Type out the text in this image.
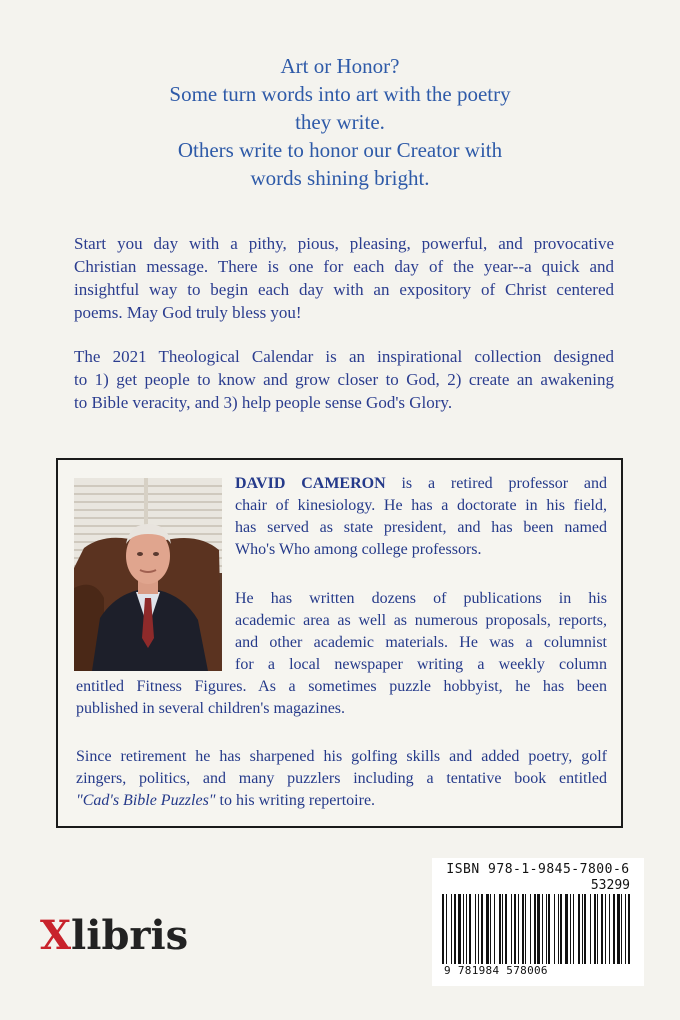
Art or Honor?
Some turn words into art with the poetry
they write.
Others write to honor our Creator with
words shining bright.
Start you day with a pithy, pious, pleasing, powerful, and provocative
Christian message. There is one for each day of the year--a quick and
insightful way to begin each day with an expository of Christ centered
poems. May God truly bless you!
The 2021 Theological Calendar is an inspirational collection designed
to 1) get people to know and grow closer to God, 2) create an awakening
to Bible veracity, and 3) help people sense God's Glory.
DAVID CAMERON is a retired professor and
chair of kinesiology. He has a doctorate in his field,
has served as state president, and has been named
Who's Who among college professors.
He has written dozens of publications in his
academic area as well as numerous proposals, reports,
and other academic materials. He was a columnist
for a local newspaper writing a weekly column
entitled Fitness Figures. As a sometimes puzzle hobbyist, he has been
published in several children's magazines.
Since retirement he has sharpened his golfing skills and added poetry, golf
zingers, politics, and many puzzlers including a tentative book entitled
"Cad's Bible Puzzles" to his writing repertoire.
Xlibris
ISBN 978-1-9845-7800-6
53299
9 781984 578006
